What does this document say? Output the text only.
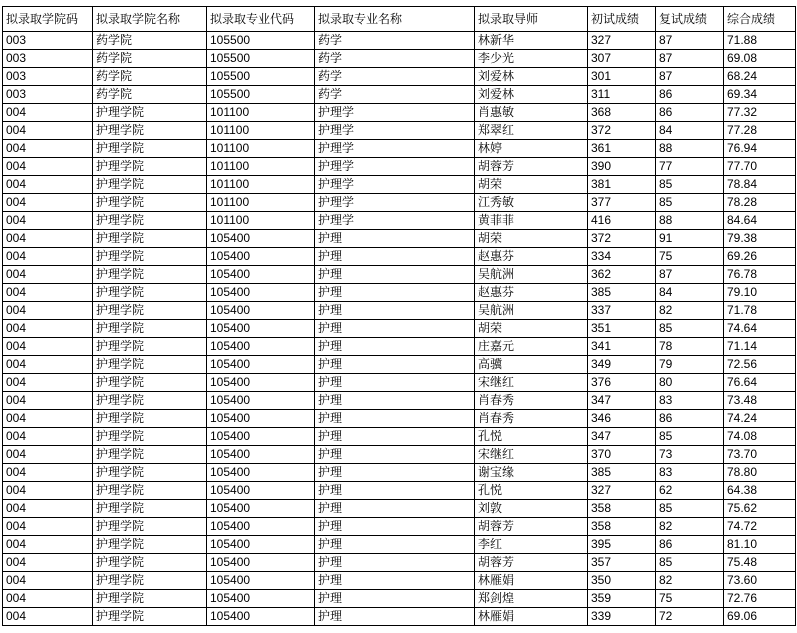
拟录取学院码	拟录取学院名称	拟录取专业代码	拟录取专业名称	拟录取导师	初试成绩	复试成绩	综合成绩
003	药学院	105500	药学	林新华	327	87	71.88
003	药学院	105500	药学	李少光	307	87	69.08
003	药学院	105500	药学	刘爱林	301	87	68.24
003	药学院	105500	药学	刘爱林	311	86	69.34
004	护理学院	101100	护理学	肖惠敏	368	86	77.32
004	护理学院	101100	护理学	郑翠红	372	84	77.28
004	护理学院	101100	护理学	林婷	361	88	76.94
004	护理学院	101100	护理学	胡蓉芳	390	77	77.70
004	护理学院	101100	护理学	胡荣	381	85	78.84
004	护理学院	101100	护理学	江秀敏	377	85	78.28
004	护理学院	101100	护理学	黄菲菲	416	88	84.64
004	护理学院	105400	护理	胡荣	372	91	79.38
004	护理学院	105400	护理	赵惠芬	334	75	69.26
004	护理学院	105400	护理	吴航洲	362	87	76.78
004	护理学院	105400	护理	赵惠芬	385	84	79.10
004	护理学院	105400	护理	吴航洲	337	82	71.78
004	护理学院	105400	护理	胡荣	351	85	74.64
004	护理学院	105400	护理	庄嘉元	341	78	71.14
004	护理学院	105400	护理	高骥	349	79	72.56
004	护理学院	105400	护理	宋继红	376	80	76.64
004	护理学院	105400	护理	肖春秀	347	83	73.48
004	护理学院	105400	护理	肖春秀	346	86	74.24
004	护理学院	105400	护理	孔悦	347	85	74.08
004	护理学院	105400	护理	宋继红	370	73	73.70
004	护理学院	105400	护理	谢宝缘	385	83	78.80
004	护理学院	105400	护理	孔悦	327	62	64.38
004	护理学院	105400	护理	刘敦	358	85	75.62
004	护理学院	105400	护理	胡蓉芳	358	82	74.72
004	护理学院	105400	护理	李红	395	86	81.10
004	护理学院	105400	护理	胡蓉芳	357	85	75.48
004	护理学院	105400	护理	林雁娟	350	82	73.60
004	护理学院	105400	护理	郑剑煌	359	75	72.76
004	护理学院	105400	护理	林雁娟	339	72	69.06
